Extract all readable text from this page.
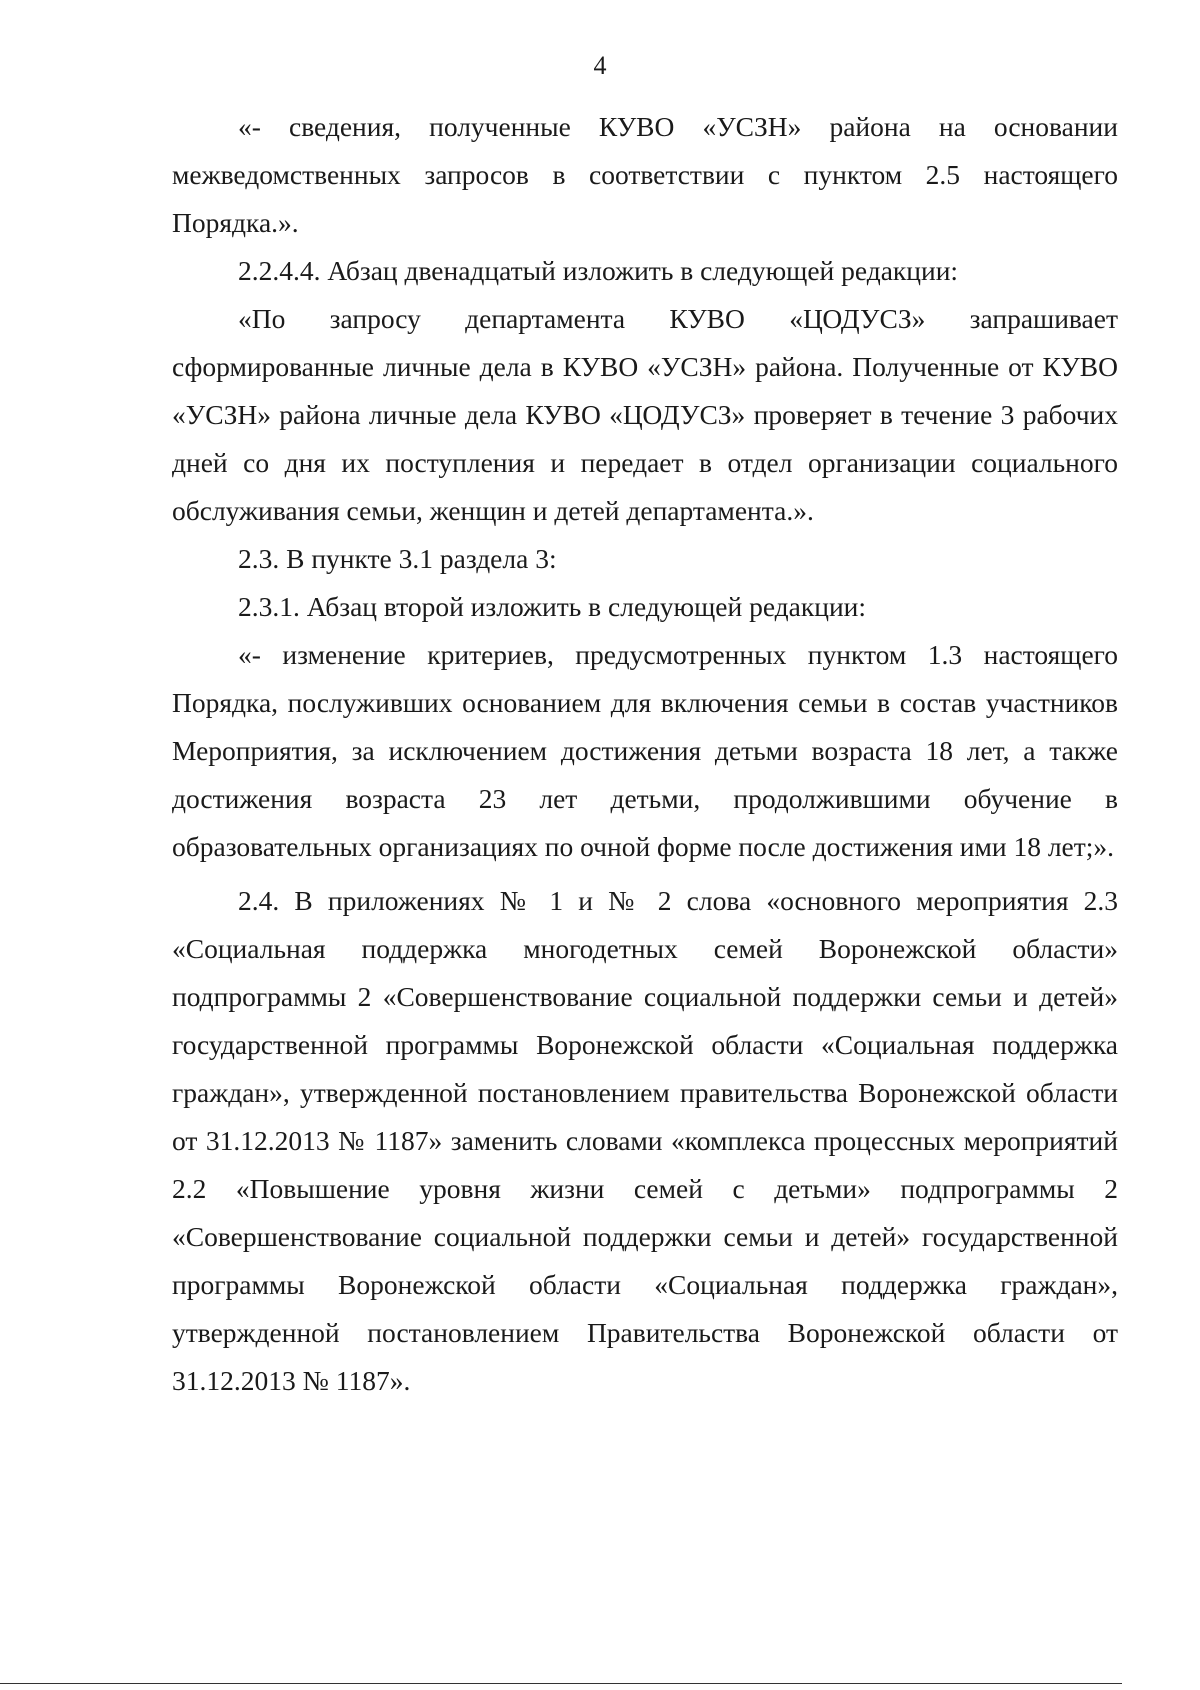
4

«- сведения, полученные КУВО «УСЗН» района на основании межведомственных запросов в соответствии с пунктом 2.5 настоящего Порядка.».

2.2.4.4. Абзац двенадцатый изложить в следующей редакции:

«По запросу департамента КУВО «ЦОДУСЗ» запрашивает сформированные личные дела в КУВО «УСЗН» района. Полученные от КУВО «УСЗН» района личные дела КУВО «ЦОДУСЗ» проверяет в течение 3 рабочих дней со дня их поступления и передает в отдел организации социального обслуживания семьи, женщин и детей департамента.».

2.3. В пункте 3.1 раздела 3:

2.3.1. Абзац второй изложить в следующей редакции:

«- изменение критериев, предусмотренных пунктом 1.3 настоящего Порядка, послуживших основанием для включения семьи в состав участников Мероприятия, за исключением достижения детьми возраста 18 лет, а также достижения возраста 23 лет детьми, продолжившими обучение в образовательных организациях по очной форме после достижения ими 18 лет;».

2.4. В приложениях № 1 и № 2 слова «основного мероприятия 2.3 «Социальная поддержка многодетных семей Воронежской области» подпрограммы 2 «Совершенствование социальной поддержки семьи и детей» государственной программы Воронежской области «Социальная поддержка граждан», утвержденной постановлением правительства Воронежской области от 31.12.2013 № 1187» заменить словами «комплекса процессных мероприятий 2.2 «Повышение уровня жизни семей с детьми» подпрограммы 2 «Совершенствование социальной поддержки семьи и детей» государственной программы Воронежской области «Социальная поддержка граждан», утвержденной постановлением Правительства Воронежской области от 31.12.2013 № 1187».
